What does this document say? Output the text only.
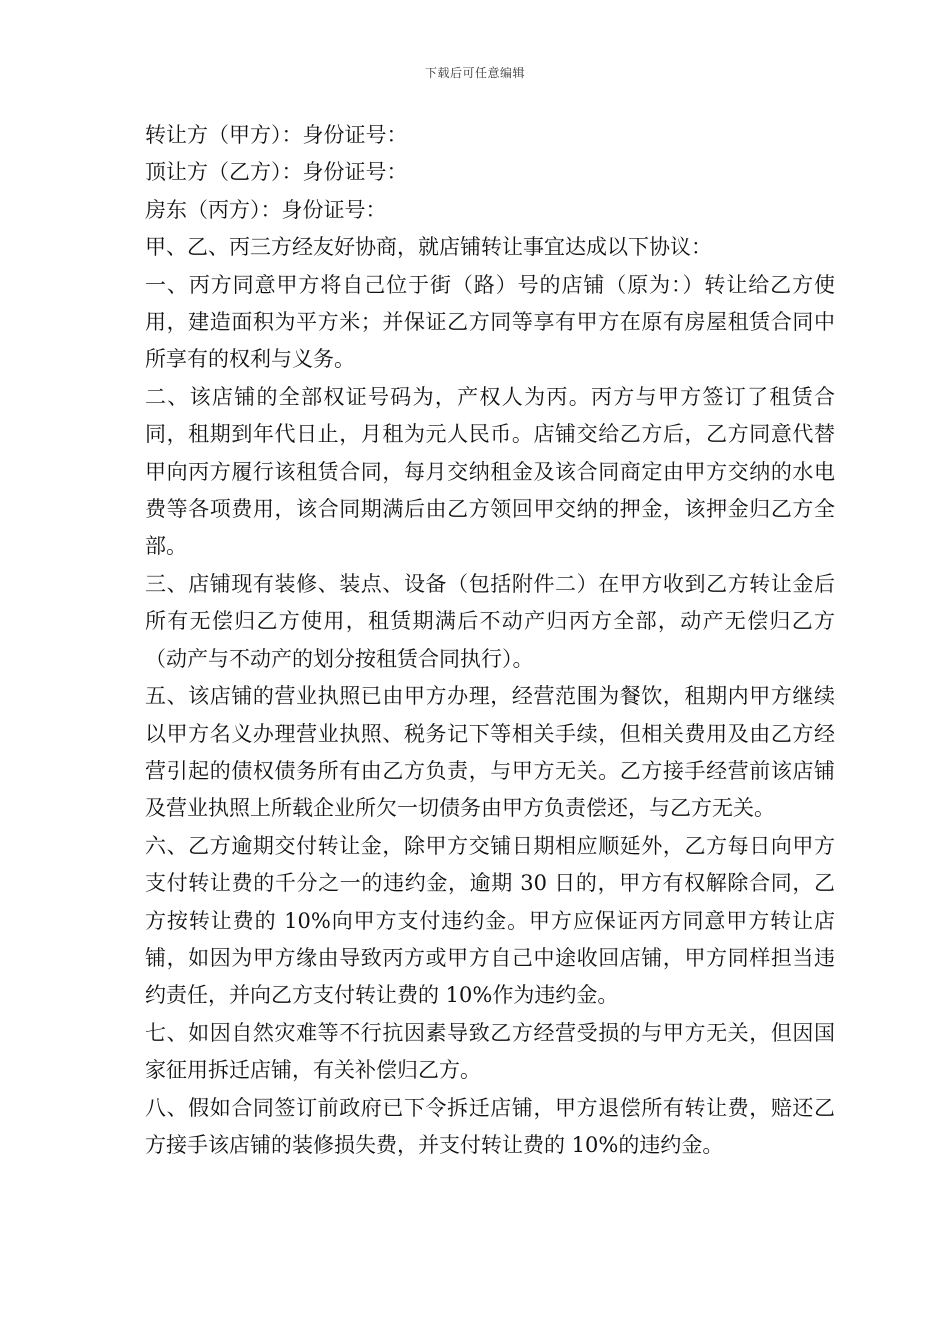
下载后可任意编辑

转让方（甲方）：身份证号：

顶让方（乙方）：身份证号：

房东（丙方）：身份证号：

甲、乙、丙三方经友好协商，就店铺转让事宜达成以下协议：

一、丙方同意甲方将自己位于街（路）号的店铺（原为：）转让给乙方使用，建造面积为平方米；并保证乙方同等享有甲方在原有房屋租赁合同中所享有的权利与义务。

二、该店铺的全部权证号码为，产权人为丙。丙方与甲方签订了租赁合同，租期到年代日止，月租为元人民币。店铺交给乙方后，乙方同意代替甲向丙方履行该租赁合同，每月交纳租金及该合同商定由甲方交纳的水电费等各项费用，该合同期满后由乙方领回甲交纳的押金，该押金归乙方全部。

三、店铺现有装修、装点、设备（包括附件二）在甲方收到乙方转让金后所有无偿归乙方使用，租赁期满后不动产归丙方全部，动产无偿归乙方（动产与不动产的划分按租赁合同执行）。

五、该店铺的营业执照已由甲方办理，经营范围为餐饮，租期内甲方继续以甲方名义办理营业执照、税务记下等相关手续，但相关费用及由乙方经营引起的债权债务所有由乙方负责，与甲方无关。乙方接手经营前该店铺及营业执照上所载企业所欠一切债务由甲方负责偿还，与乙方无关。

六、乙方逾期交付转让金，除甲方交铺日期相应顺延外，乙方每日向甲方支付转让费的千分之一的违约金，逾期 30 日的，甲方有权解除合同，乙方按转让费的 10%向甲方支付违约金。甲方应保证丙方同意甲方转让店铺，如因为甲方缘由导致丙方或甲方自己中途收回店铺，甲方同样担当违约责任，并向乙方支付转让费的 10%作为违约金。

七、如因自然灾难等不行抗因素导致乙方经营受损的与甲方无关，但因国家征用拆迁店铺，有关补偿归乙方。

八、假如合同签订前政府已下令拆迁店铺，甲方退偿所有转让费，赔还乙方接手该店铺的装修损失费，并支付转让费的 10%的违约金。
